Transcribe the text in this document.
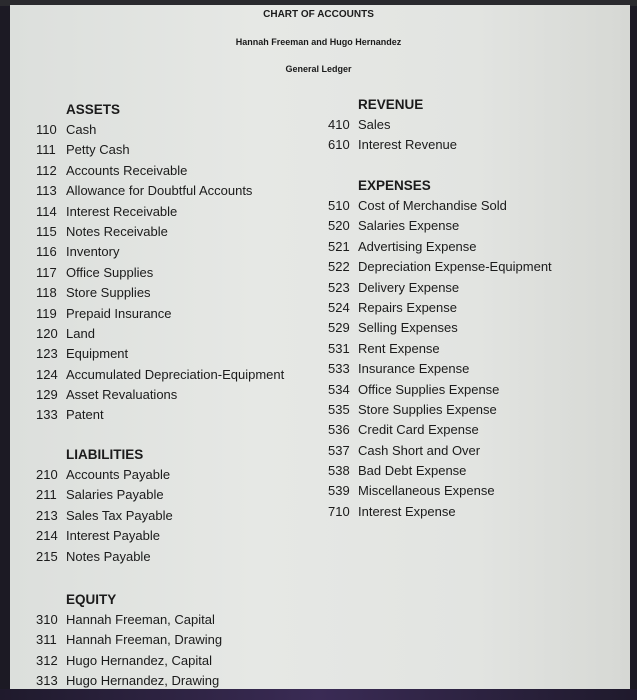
CHART OF ACCOUNTS
Hannah Freeman and Hugo Hernandez
General Ledger
ASSETS
110 Cash
111 Petty Cash
112 Accounts Receivable
113 Allowance for Doubtful Accounts
114 Interest Receivable
115 Notes Receivable
116 Inventory
117 Office Supplies
118 Store Supplies
119 Prepaid Insurance
120 Land
123 Equipment
124 Accumulated Depreciation-Equipment
129 Asset Revaluations
133 Patent
LIABILITIES
210 Accounts Payable
211 Salaries Payable
213 Sales Tax Payable
214 Interest Payable
215 Notes Payable
EQUITY
310 Hannah Freeman, Capital
311 Hannah Freeman, Drawing
312 Hugo Hernandez, Capital
313 Hugo Hernandez, Drawing
REVENUE
410 Sales
610 Interest Revenue
EXPENSES
510 Cost of Merchandise Sold
520 Salaries Expense
521 Advertising Expense
522 Depreciation Expense-Equipment
523 Delivery Expense
524 Repairs Expense
529 Selling Expenses
531 Rent Expense
533 Insurance Expense
534 Office Supplies Expense
535 Store Supplies Expense
536 Credit Card Expense
537 Cash Short and Over
538 Bad Debt Expense
539 Miscellaneous Expense
710 Interest Expense
